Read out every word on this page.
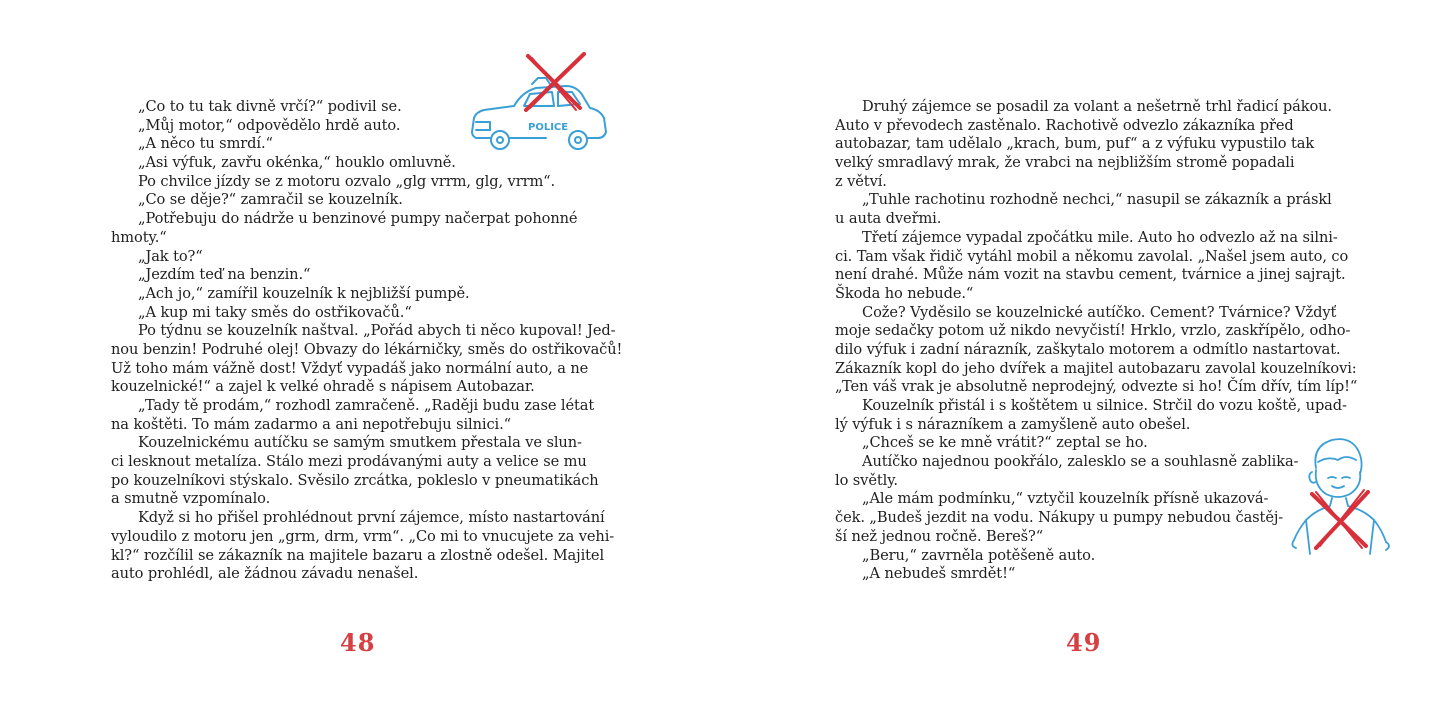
„Co to tu tak divně vrčí?“ podivil se.
„Můj motor,“ odpovědělo hrdě auto.
„A něco tu smrdí.“
„Asi výfuk, zavřu okénka,“ houklo omluvně.
Po chvilce jízdy se z motoru ozvalo „glg vrrm, glg, vrrm“.
„Co se děje?“ zamračil se kouzelník.
„Potřebuju do nádrže u benzinové pumpy načerpat pohonné
hmoty.“
„Jak to?“
„Jezdím teď na benzin.“
„Ach jo,“ zamířil kouzelník k nejbližší pumpě.
„A kup mi taky směs do ostřikovačů.“
Po týdnu se kouzelník naštval. „Pořád abych ti něco kupoval! Jed-
nou benzin! Podruhé olej! Obvazy do lékárničky, směs do ostřikovačů!
Už toho mám vážně dost! Vždyť vypadáš jako normální auto, a ne
kouzelnické!“ a zajel k velké ohradě s nápisem Autobazar.
„Tady tě prodám,“ rozhodl zamračeně. „Raději budu zase létat
na koštěti. To mám zadarmo a ani nepotřebuju silnici.“
Kouzelnickému autíčku se samým smutkem přestala ve slun-
ci lesknout metalíza. Stálo mezi prodávanými auty a velice se mu
po kouzelníkovi stýskalo. Svěsilo zrcátka, pokleslo v pneumatikách
a smutně vzpomínalo.
Když si ho přišel prohlédnout první zájemce, místo nastartování
vyloudilo z motoru jen „grm, drm, vrm“. „Co mi to vnucujete za vehi-
kl?“ rozčílil se zákazník na majitele bazaru a zlostně odešel. Majitel
auto prohlédl, ale žádnou závadu nenašel.
POLICE
48	49
Druhý zájemce se posadil za volant a nešetrně trhl řadicí pákou.
Auto v převodech zastěnalo. Rachotivě odvezlo zákazníka před
autobazar, tam udělalo „krach, bum, puf“ a z výfuku vypustilo tak
velký smradlavý mrak, že vrabci na nejbližším stromě popadali
z větví.
„Tuhle rachotinu rozhodně nechci,“ nasupil se zákazník a práskl
u auta dveřmi.
Třetí zájemce vypadal zpočátku mile. Auto ho odvezlo až na silni-
ci. Tam však řidič vytáhl mobil a někomu zavolal. „Našel jsem auto, co
není drahé. Může nám vozit na stavbu cement, tvárnice a jinej sajrajt.
Škoda ho nebude.“
Cože? Vyděsilo se kouzelnické autíčko. Cement? Tvárnice? Vždyť
moje sedačky potom už nikdo nevyčistí! Hrklo, vrzlo, zaskřípělo, odho-
dilo výfuk i zadní nárazník, zaškytalo motorem a odmítlo nastartovat.
Zákazník kopl do jeho dvířek a majitel autobazaru zavolal kouzelníkovi:
„Ten váš vrak je absolutně neprodejný, odvezte si ho! Čím dřív, tím líp!“
Kouzelník přistál i s koštětem u silnice. Strčil do vozu koště, upad-
lý výfuk i s nárazníkem a zamyšleně auto obešel.
„Chceš se ke mně vrátit?“ zeptal se ho.
Autíčko najednou pookřálo, zalesklo se a souhlasně zablika-
lo světly.
„Ale mám podmínku,“ vztyčil kouzelník přísně ukazová-
ček. „Budeš jezdit na vodu. Nákupy u pumpy nebudou častěj-
ší než jednou ročně. Bereš?“
„Beru,“ zavrněla potěšeně auto.
„A nebudeš smrdět!“
